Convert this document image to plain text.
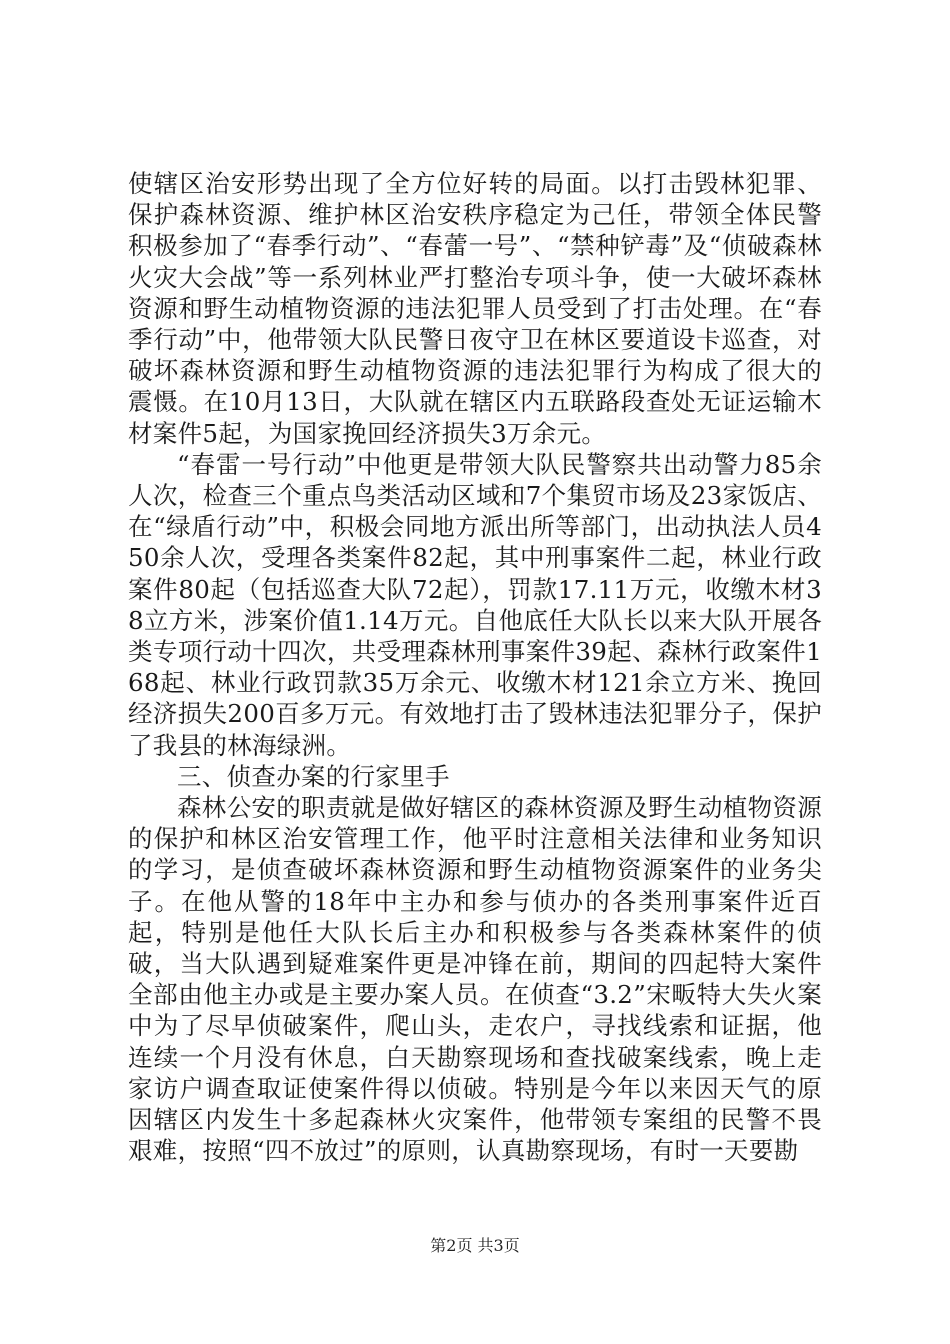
使辖区治安形势出现了全方位好转的局面。以打击毁林犯罪、保护森林资源、维护林区治安秩序稳定为己任，带领全体民警积极参加了“春季行动”、“春蕾一号”、“禁种铲毒”及“侦破森林火灾大会战”等一系列林业严打整治专项斗争，使一大破坏森林资源和野生动植物资源的违法犯罪人员受到了打击处理。在“春季行动”中，他带领大队民警日夜守卫在林区要道设卡巡查，对破坏森林资源和野生动植物资源的违法犯罪行为构成了很大的震慑。在10月13日，大队就在辖区内五联路段查处无证运输木材案件5起，为国家挽回经济损失3万余元。

“春雷一号行动”中他更是带领大队民警察共出动警力85余人次，检查三个重点鸟类活动区域和7个集贸市场及23家饭店、在“绿盾行动”中，积极会同地方派出所等部门，出动执法人员450余人次，受理各类案件82起，其中刑事案件二起，林业行政案件80起（包括巡查大队72起），罚款17.11万元，收缴木材38立方米，涉案价值1.14万元。自他底任大队长以来大队开展各类专项行动十四次，共受理森林刑事案件39起、森林行政案件168起、林业行政罚款35万余元、收缴木材121余立方米、挽回经济损失200百多万元。有效地打击了毁林违法犯罪分子，保护了我县的林海绿洲。

三、侦查办案的行家里手

森林公安的职责就是做好辖区的森林资源及野生动植物资源的保护和林区治安管理工作，他平时注意相关法律和业务知识的学习，是侦查破坏森林资源和野生动植物资源案件的业务尖子。在他从警的18年中主办和参与侦办的各类刑事案件近百起，特别是他任大队长后主办和积极参与各类森林案件的侦破，当大队遇到疑难案件更是冲锋在前，期间的四起特大案件全部由他主办或是主要办案人员。在侦查“3.2”宋畈特大失火案中为了尽早侦破案件，爬山头，走农户，寻找线索和证据，他连续一个月没有休息，白天勘察现场和查找破案线索，晚上走家访户调查取证使案件得以侦破。特别是今年以来因天气的原因辖区内发生十多起森林火灾案件，他带领专案组的民警不畏艰难，按照“四不放过”的原则，认真勘察现场，有时一天要勘

第2页 共3页
